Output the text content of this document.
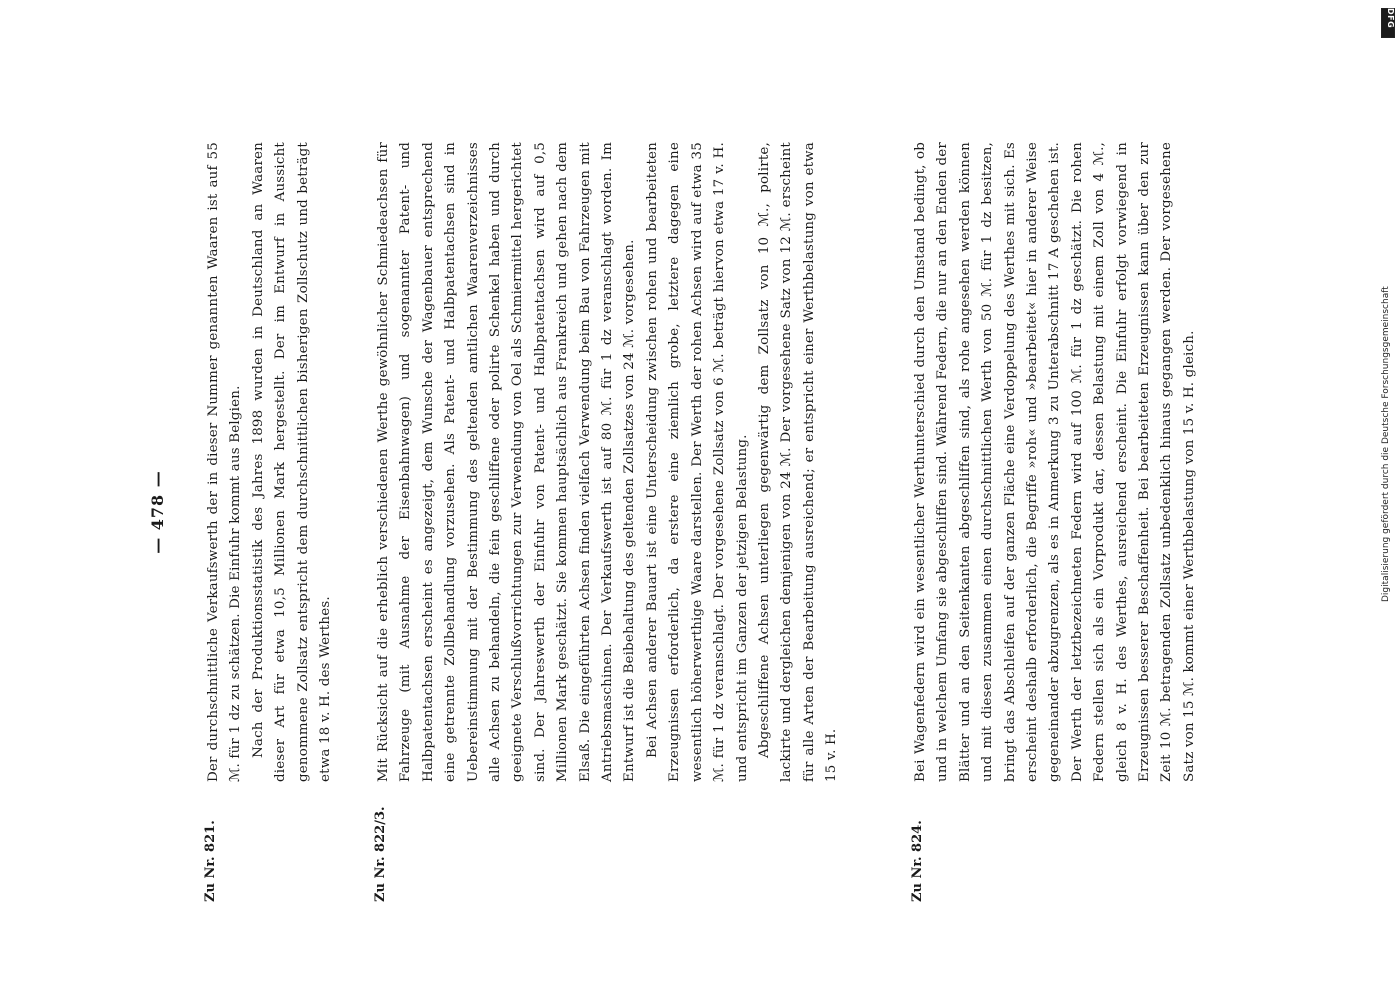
— 478 —
Zu Nr. 821.

Der durchschnittliche Verkaufswerth der in dieser Nummer genannten Waaren ist auf 55 ℳ. für 1 dz zu schätzen. Die Einfuhr kommt aus Belgien. Nach der Produktionsstatistik des Jahres 1898 wurden in Deutschland an Waaren dieser Art für etwa 10,5 Millionen Mark hergestellt. Der im Entwurf in Aussicht genommene Zollsatz entspricht dem durchschnittlichen bisherigen Zollschutz und beträgt etwa 18 v. H. des Werthes.

Zu Nr. 822/3.

Mit Rücksicht auf die erheblich verschiedenen Werthe gewöhnlicher Schmiedeachsen für Fahrzeuge (mit Ausnahme der Eisenbahnwagen) und sogenannter Patent- und Halbpatentachsen erscheint es angezeigt, dem Wunsche der Wagenbauer entsprechend eine getrennte Zollbehandlung vorzusehen. Als Patent- und Halbpatentachsen sind in Uebereinstimmung mit der Bestimmung des geltenden amtlichen Waarenverzeichnisses alle Achsen zu behandeln, die fein geschliffene oder polirte Schenkel haben und durch geeignete Verschlußvorrichtungen zur Verwendung von Oel als Schmiermittel hergerichtet sind. Der Jahreswerth der Einfuhr von Patent- und Halbpatentachsen wird auf 0,5 Millionen Mark geschätzt. Sie kommen hauptsächlich aus Frankreich und gehen nach dem Elsaß. Die eingeführten Achsen finden vielfach Verwendung beim Bau von Fahrzeugen mit Antriebsmaschinen. Der Verkaufswerth ist auf 80 ℳ. für 1 dz veranschlagt worden. Im Entwurf ist die Beibehaltung des geltenden Zollsatzes von 24 ℳ. vorgesehen. Bei Achsen anderer Bauart ist eine Unterscheidung zwischen rohen und bearbeiteten Erzeugnissen erforderlich, da erstere eine ziemlich grobe, letztere dagegen eine wesentlich höherwerthige Waare darstellen. Der Werth der rohen Achsen wird auf etwa 35 ℳ. für 1 dz veranschlagt. Der vorgesehene Zollsatz von 6 ℳ. beträgt hiervon etwa 17 v. H. und entspricht im Ganzen der jetzigen Belastung. Abgeschliffene Achsen unterliegen gegenwärtig dem Zollsatz von 10 ℳ., polirte, lackirte und dergleichen demjenigen von 24 ℳ. Der vorgesehene Satz von 12 ℳ. erscheint für alle Arten der Bearbeitung ausreichend; er entspricht einer Werthbelastung von etwa 15 v. H.

Zu Nr. 824.

Bei Wagenfedern wird ein wesentlicher Werthunterschied durch den Umstand bedingt, ob und in welchem Umfang sie abgeschliffen sind. Während Federn, die nur an den Enden der Blätter und an den Seitenkanten abgeschliffen sind, als rohe angesehen werden können und mit diesen zusammen einen durchschnittlichen Werth von 50 ℳ. für 1 dz besitzen, bringt das Abschleifen auf der ganzen Fläche eine Verdoppelung des Werthes mit sich. Es erscheint deshalb erforderlich, die Begriffe »roh« und »bearbeitet« hier in anderer Weise gegeneinander abzugrenzen, als es in Anmerkung 3 zu Unterabschnitt 17 A geschehen ist. Der Werth der letztbezeichneten Federn wird auf 100 ℳ. für 1 dz geschätzt. Die rohen Federn stellen sich als ein Vorprodukt dar, dessen Belastung mit einem Zoll von 4 ℳ., gleich 8 v. H. des Werthes, ausreichend erscheint. Die Einfuhr erfolgt vorwiegend in Erzeugnissen besserer Beschaffenheit. Bei bearbeiteten Erzeugnissen kann über den zur Zeit 10 ℳ. betragenden Zollsatz unbedenklich hinaus gegangen werden. Der vorgesehene Satz von 15 ℳ. kommt einer Werthbelastung von 15 v. H. gleich.	Digitalisierung gefördert durch die Deutsche Forschungsgemeinschaft
DFG
